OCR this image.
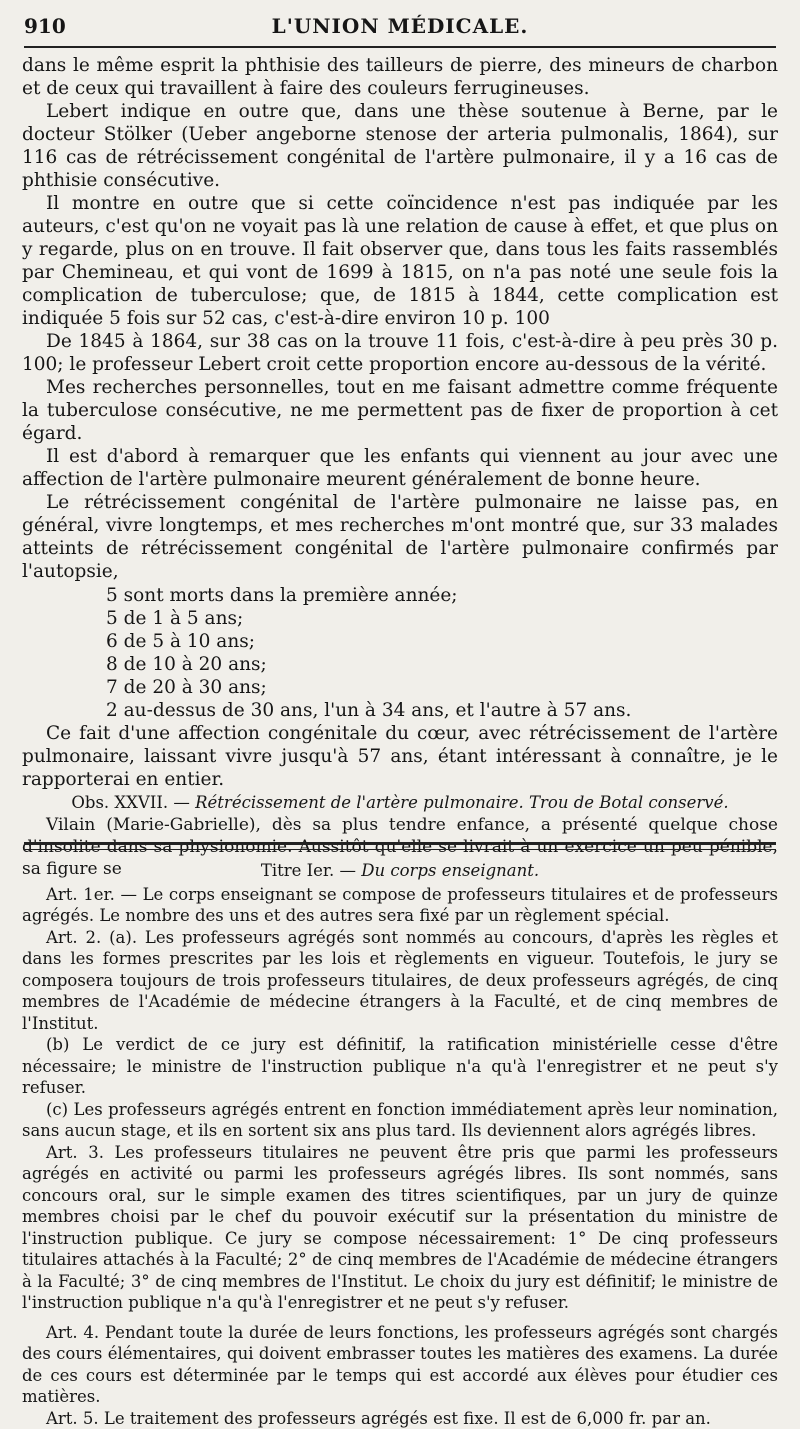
910	L'UNION MÉDICALE.

dans le même esprit la phthisie des tailleurs de pierre, des mineurs de charbon et de ceux qui travaillent à faire des couleurs ferrugineuses.

Lebert indique en outre que, dans une thèse soutenue à Berne, par le docteur Stölker (Ueber angeborne stenose der arteria pulmonalis, 1864), sur 116 cas de rétrécissement congénital de l'artère pulmonaire, il y a 16 cas de phthisie consécutive.

Il montre en outre que si cette coïncidence n'est pas indiquée par les auteurs, c'est qu'on ne voyait pas là une relation de cause à effet, et que plus on y regarde, plus on en trouve. Il fait observer que, dans tous les faits rassemblés par Chemineau, et qui vont de 1699 à 1815, on n'a pas noté une seule fois la complication de tuberculose; que, de 1815 à 1844, cette complication est indiquée 5 fois sur 52 cas, c'est-à-dire environ 10 p. 100

De 1845 à 1864, sur 38 cas on la trouve 11 fois, c'est-à-dire à peu près 30 p. 100; le professeur Lebert croit cette proportion encore au-dessous de la vérité.

Mes recherches personnelles, tout en me faisant admettre comme fréquente la tuberculose consécutive, ne me permettent pas de fixer de proportion à cet égard.

Il est d'abord à remarquer que les enfants qui viennent au jour avec une affection de l'artère pulmonaire meurent généralement de bonne heure.

Le rétrécissement congénital de l'artère pulmonaire ne laisse pas, en général, vivre longtemps, et mes recherches m'ont montré que, sur 33 malades atteints de rétrécissement congénital de l'artère pulmonaire confirmés par l'autopsie,

5 sont morts dans la première année;
5 de 1 à 5 ans;
6 de 5 à 10 ans;
8 de 10 à 20 ans;
7 de 20 à 30 ans;
2 au-dessus de 30 ans, l'un à 34 ans, et l'autre à 57 ans.

Ce fait d'une affection congénitale du cœur, avec rétrécissement de l'artère pulmonaire, laissant vivre jusqu'à 57 ans, étant intéressant à connaître, je le rapporterai en entier.

Obs. XXVII. — Rétrécissement de l'artère pulmonaire. Trou de Botal conservé.

Vilain (Marie-Gabrielle), dès sa plus tendre enfance, a présenté quelque chose d'insolite dans sa physionomie. Aussitôt qu'elle se livrait à un exercice un peu pénible, sa figure se	Titre Ier. — Du corps enseignant.

Art. 1er. — Le corps enseignant se compose de professeurs titulaires et de professeurs agrégés. Le nombre des uns et des autres sera fixé par un règlement spécial.

Art. 2. (a). Les professeurs agrégés sont nommés au concours, d'après les règles et dans les formes prescrites par les lois et règlements en vigueur. Toutefois, le jury se composera toujours de trois professeurs titulaires, de deux professeurs agrégés, de cinq membres de l'Académie de médecine étrangers à la Faculté, et de cinq membres de l'Institut.

(b) Le verdict de ce jury est définitif, la ratification ministérielle cesse d'être nécessaire; le ministre de l'instruction publique n'a qu'à l'enregistrer et ne peut s'y refuser.

(c) Les professeurs agrégés entrent en fonction immédiatement après leur nomination, sans aucun stage, et ils en sortent six ans plus tard. Ils deviennent alors agrégés libres.

Art. 3. Les professeurs titulaires ne peuvent être pris que parmi les professeurs agrégés en activité ou parmi les professeurs agrégés libres. Ils sont nommés, sans concours oral, sur le simple examen des titres scientifiques, par un jury de quinze membres choisi par le chef du pouvoir exécutif sur la présentation du ministre de l'instruction publique. Ce jury se compose nécessairement: 1° De cinq professeurs titulaires attachés à la Faculté; 2° de cinq membres de l'Académie de médecine étrangers à la Faculté; 3° de cinq membres de l'Institut. Le choix du jury est définitif; le ministre de l'instruction publique n'a qu'à l'enregistrer et ne peut s'y refuser.

Art. 4. Pendant toute la durée de leurs fonctions, les professeurs agrégés sont chargés des cours élémentaires, qui doivent embrasser toutes les matières des examens. La durée de ces cours est déterminée par le temps qui est accordé aux élèves pour étudier ces matières.

Art. 5. Le traitement des professeurs agrégés est fixe. Il est de 6,000 fr. par an.
